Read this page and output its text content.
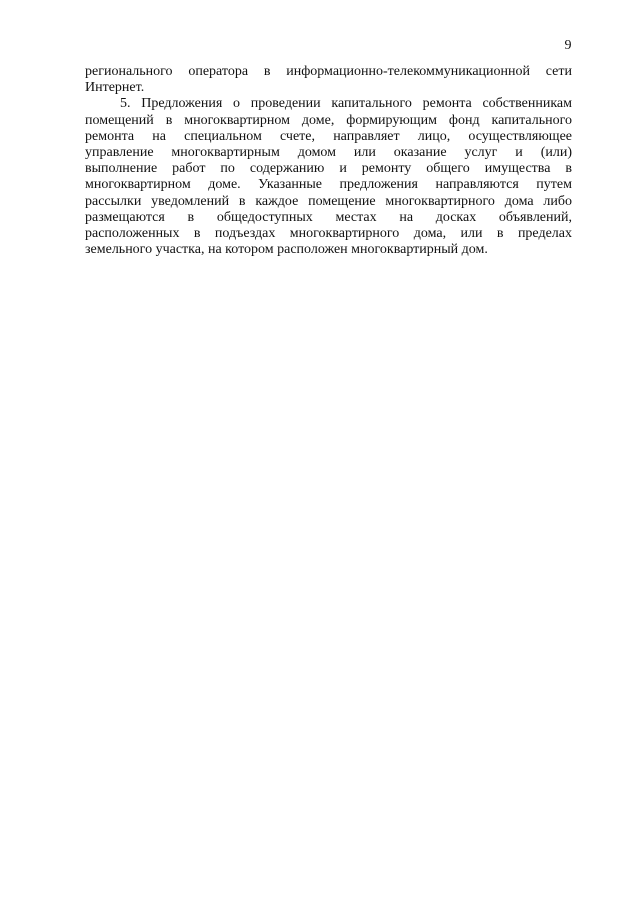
9
регионального оператора в информационно-телекоммуникационной сети
Интернет.
5. Предложения о проведении капитального ремонта собственникам
помещений в многоквартирном доме, формирующим фонд капитального
ремонта на специальном счете, направляет лицо, осуществляющее
управление многоквартирным домом или оказание услуг и (или)
выполнение работ по содержанию и ремонту общего имущества в
многоквартирном доме. Указанные предложения направляются путем
рассылки уведомлений в каждое помещение многоквартирного дома либо
размещаются в общедоступных местах на досках объявлений,
расположенных в подъездах многоквартирного дома, или в пределах
земельного участка, на котором расположен многоквартирный дом.
